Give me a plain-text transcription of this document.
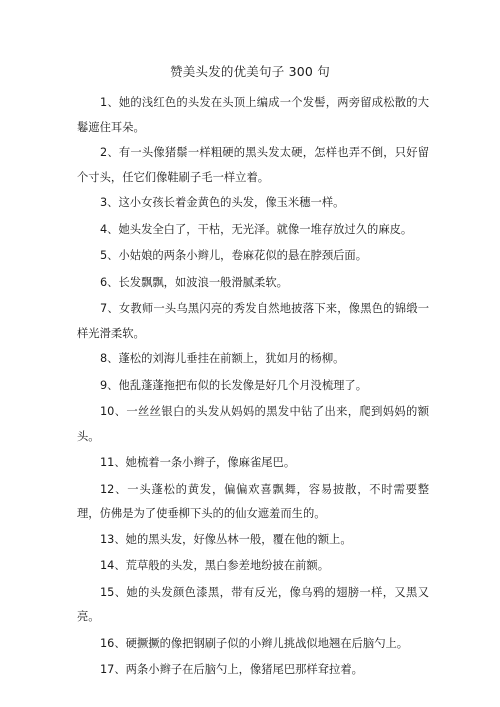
赞美头发的优美句子 300 句

1、她的浅红色的头发在头顶上编成一个发髻，两旁留成松散的大鬈遮住耳朵。

2、有一头像猪鬃一样粗硬的黑头发太硬，怎样也弄不倒，只好留个寸头，任它们像鞋刷子毛一样立着。

3、这小女孩长着金黄色的头发，像玉米穗一样。

4、她头发全白了，干枯，无光泽。就像一堆存放过久的麻皮。

5、小姑娘的两条小辫儿，卷麻花似的悬在脖颈后面。

6、长发飘飘，如波浪一般滑腻柔软。

7、女教师一头乌黑闪亮的秀发自然地披落下来，像黑色的锦缎一样光滑柔软。

8、蓬松的刘海儿垂挂在前额上，犹如月的杨柳。

9、他乱蓬蓬拖把布似的长发像是好几个月没梳理了。

10、一丝丝银白的头发从妈妈的黑发中钻了出来，爬到妈妈的额头。

11、她梳着一条小辫子，像麻雀尾巴。

12、一头蓬松的黄发，偏偏欢喜飘舞，容易披散，不时需要整理，仿佛是为了使垂柳下头的的仙女遮羞而生的。

13、她的黑头发，好像丛林一般，覆在他的额上。

14、荒草般的头发，黑白参差地纷披在前额。

15、她的头发颜色漆黑，带有反光，像乌鸦的翅膀一样，又黑又亮。

16、硬撅撅的像把钢刷子似的小辫儿挑战似地翘在后脑勺上。

17、两条小辫子在后脑勺上，像猪尾巴那样耷拉着。
